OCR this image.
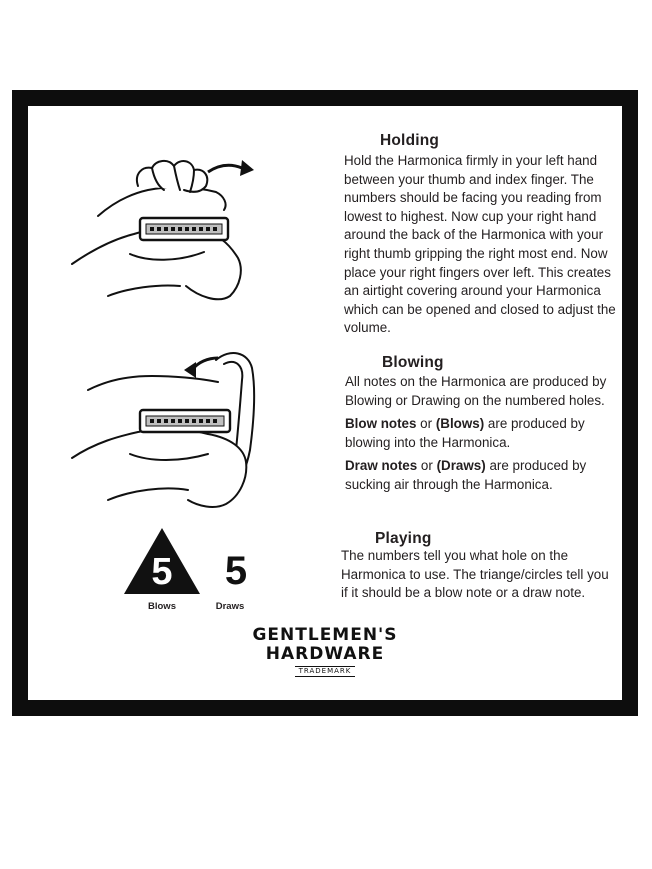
Holding

Hold the Harmonica firmly in your left hand between your thumb and index finger. The numbers should be facing you reading from lowest to highest. Now cup your right hand around the back of the Harmonica with your right thumb gripping the right most end. Now place your right fingers over left. This creates an airtight covering around your Harmonica which can be opened and closed to adjust the volume.

Blowing

All notes on the Harmonica are produced by Blowing or Drawing on the numbered holes.

Blow notes or (Blows) are produced by blowing into the Harmonica.

Draw notes or (Draws) are produced by sucking air through the Harmonica.

5
Blows
5
Draws
Playing

The numbers tell you what hole on the Harmonica to use. The triange/circles tell you if it should be a blow note or a draw note.

GENTLEMEN'S
HARDWARE
TRADEMARK
